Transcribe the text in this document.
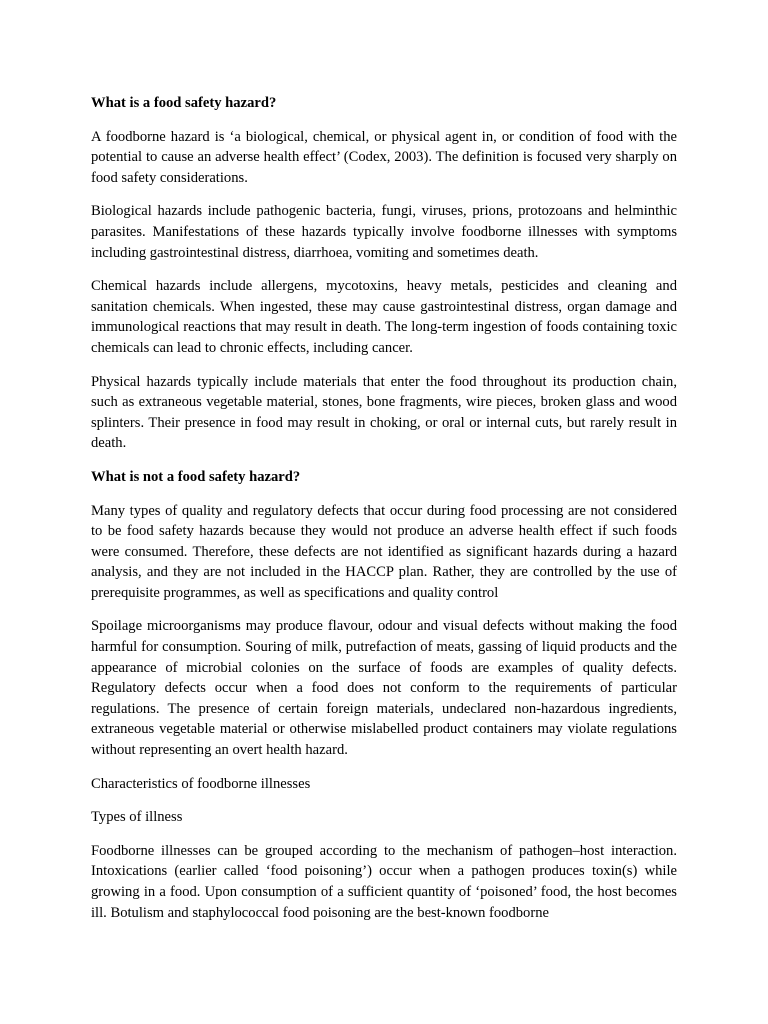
What is a food safety hazard?

A foodborne hazard is ‘a biological, chemical, or physical agent in, or condition of food with the potential to cause an adverse health effect’ (Codex, 2003). The definition is focused very sharply on food safety considerations.

Biological hazards include pathogenic bacteria, fungi, viruses, prions, protozoans and helminthic parasites. Manifestations of these hazards typically involve foodborne illnesses with symptoms including gastrointestinal distress, diarrhoea, vomiting and sometimes death.

Chemical hazards include allergens, mycotoxins, heavy metals, pesticides and cleaning and sanitation chemicals. When ingested, these may cause gastrointestinal distress, organ damage and immunological reactions that may result in death. The long-term ingestion of foods containing toxic chemicals can lead to chronic effects, including cancer.

Physical hazards typically include materials that enter the food throughout its production chain, such as extraneous vegetable material, stones, bone fragments, wire pieces, broken glass and wood splinters. Their presence in food may result in choking, or oral or internal cuts, but rarely result in death.

What is not a food safety hazard?

Many types of quality and regulatory defects that occur during food processing are not considered to be food safety hazards because they would not produce an adverse health effect if such foods were consumed. Therefore, these defects are not identified as significant hazards during a hazard analysis, and they are not included in the HACCP plan. Rather, they are controlled by the use of prerequisite programmes, as well as specifications and quality control

Spoilage microorganisms may produce flavour, odour and visual defects without making the food harmful for consumption. Souring of milk, putrefaction of meats, gassing of liquid products and the appearance of microbial colonies on the surface of foods are examples of quality defects. Regulatory defects occur when a food does not conform to the requirements of particular regulations. The presence of certain foreign materials, undeclared non-hazardous ingredients, extraneous vegetable material or otherwise mislabelled product containers may violate regulations without representing an overt health hazard.

Characteristics of foodborne illnesses

Types of illness

Foodborne illnesses can be grouped according to the mechanism of pathogen–host interaction. Intoxications (earlier called ‘food poisoning’) occur when a pathogen produces toxin(s) while growing in a food. Upon consumption of a sufficient quantity of ‘poisoned’ food, the host becomes ill. Botulism and staphylococcal food poisoning are the best-known foodborne
